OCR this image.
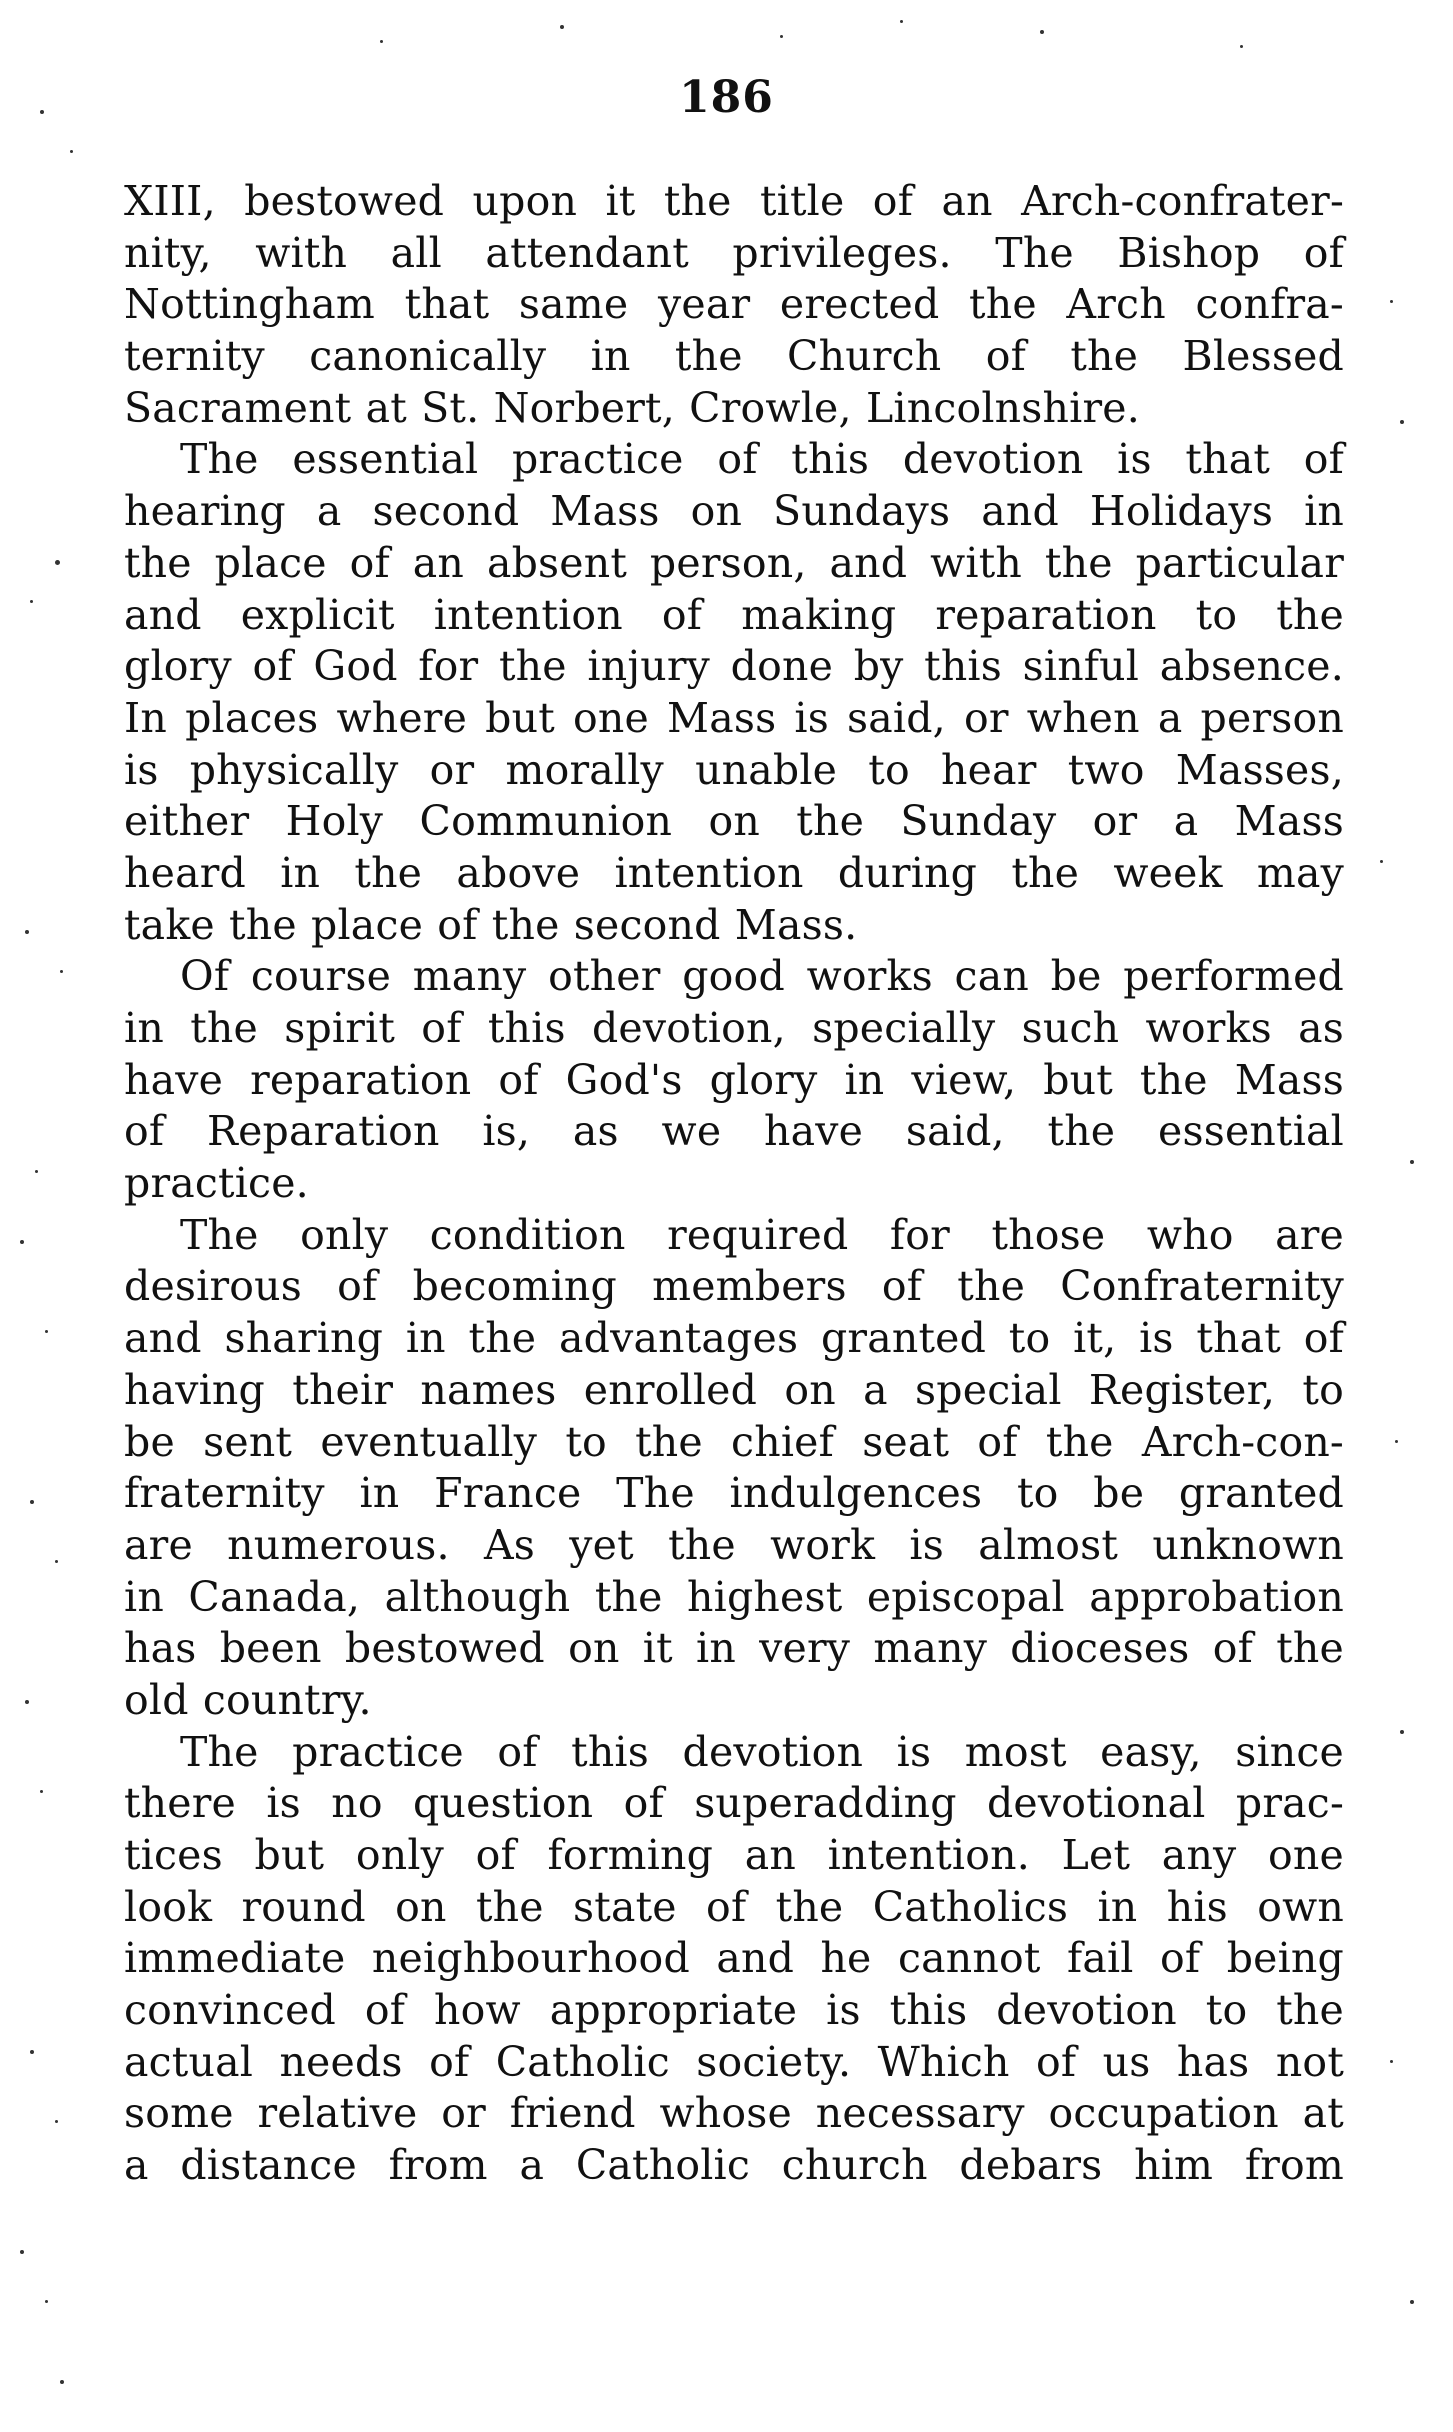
186
XIII, bestowed upon it the title of an Arch-confrater-
nity, with all attendant privileges. The Bishop of
Nottingham that same year erected the Arch confra-
ternity canonically in the Church of the Blessed
Sacrament at St. Norbert, Crowle, Lincolnshire.
The essential practice of this devotion is that of
hearing a second Mass on Sundays and Holidays in
the place of an absent person, and with the particular
and explicit intention of making reparation to the
glory of God for the injury done by this sinful absence.
In places where but one Mass is said, or when a person
is physically or morally unable to hear two Masses,
either Holy Communion on the Sunday or a Mass
heard in the above intention during the week may
take the place of the second Mass.
Of course many other good works can be performed
in the spirit of this devotion, specially such works as
have reparation of God's glory in view, but the Mass
of Reparation is, as we have said, the essential
practice.
The only condition required for those who are
desirous of becoming members of the Confraternity
and sharing in the advantages granted to it, is that of
having their names enrolled on a special Register, to
be sent eventually to the chief seat of the Arch-con-
fraternity in France The indulgences to be granted
are numerous. As yet the work is almost unknown
in Canada, although the highest episcopal approbation
has been bestowed on it in very many dioceses of the
old country.
The practice of this devotion is most easy, since
there is no question of superadding devotional prac-
tices but only of forming an intention. Let any one
look round on the state of the Catholics in his own
immediate neighbourhood and he cannot fail of being
convinced of how appropriate is this devotion to the
actual needs of Catholic society. Which of us has not
some relative or friend whose necessary occupation at
a distance from a Catholic church debars him from
